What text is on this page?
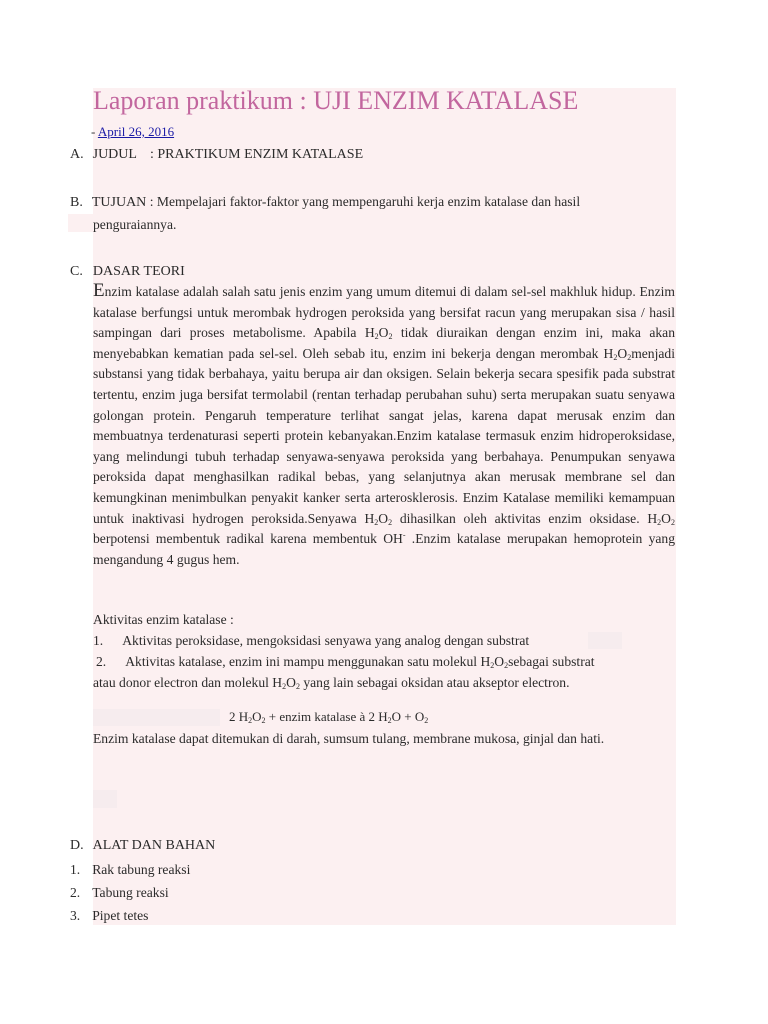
Laporan praktikum : UJI ENZIM KATALASE
- April 26, 2016
A. JUDUL : PRAKTIKUM ENZIM KATALASE
B. TUJUAN : Mempelajari faktor-faktor yang mempengaruhi kerja enzim katalase dan hasil
penguraiannya.
C. DASAR TEORI
Enzim katalase adalah salah satu jenis enzim yang umum ditemui di dalam sel-sel makhluk hidup. Enzim katalase berfungsi untuk merombak hydrogen peroksida yang bersifat racun yang merupakan sisa / hasil sampingan dari proses metabolisme. Apabila $H_2O_2$ tidak diuraikan dengan enzim ini, maka akan menyebabkan kematian pada sel-sel. Oleh sebab itu, enzim ini bekerja dengan merombak $H_2O_2menjadi$ substansi yang tidak berbahaya, yaitu berupa air dan oksigen. Selain bekerja secara spesifik pada substrat tertentu, enzim juga bersifat termolabil (rentan terhadap perubahan suhu) serta merupakan suatu senyawa golongan protein. Pengaruh temperature terlihat sangat jelas, karena dapat merusak enzim dan membuatnya terdenaturasi seperti protein kebanyakan.Enzim katalase termasuk enzim hidroperoksidase, yang melindungi tubuh terhadap senyawa-senyawa peroksida yang berbahaya. Penumpukan senyawa peroksida dapat menghasilkan radikal bebas, yang selanjutnya akan merusak membrane sel dan kemungkinan menimbulkan penyakit kanker serta arterosklerosis. Enzim Katalase memiliki kemampuan untuk inaktivasi hydrogen peroksida.Senyawa $H_2O_2$ dihasilkan oleh aktivitas enzim oksidase. $H_2O_2$ berpotensi membentuk radikal karena membentuk OH- .Enzim katalase merupakan hemoprotein yang mengandung 4 gugus hem.
Aktivitas enzim katalase :
1. Aktivitas peroksidase, mengoksidasi senyawa yang analog dengan substrat
2. Aktivitas katalase, enzim ini mampu menggunakan satu molekul $H_2O_2sebagai$ substrat
atau donor electron dan molekul $H_2O_2$ yang lain sebagai oksidan atau akseptor electron.
2 $H_2O_2$ + enzim katalase à 2 $H_2O + O_2$
Enzim katalase dapat ditemukan di darah, sumsum tulang, membrane mukosa, ginjal dan hati.
D. ALAT DAN BAHAN
1. Rak tabung reaksi
2. Tabung reaksi
3. Pipet tetes
